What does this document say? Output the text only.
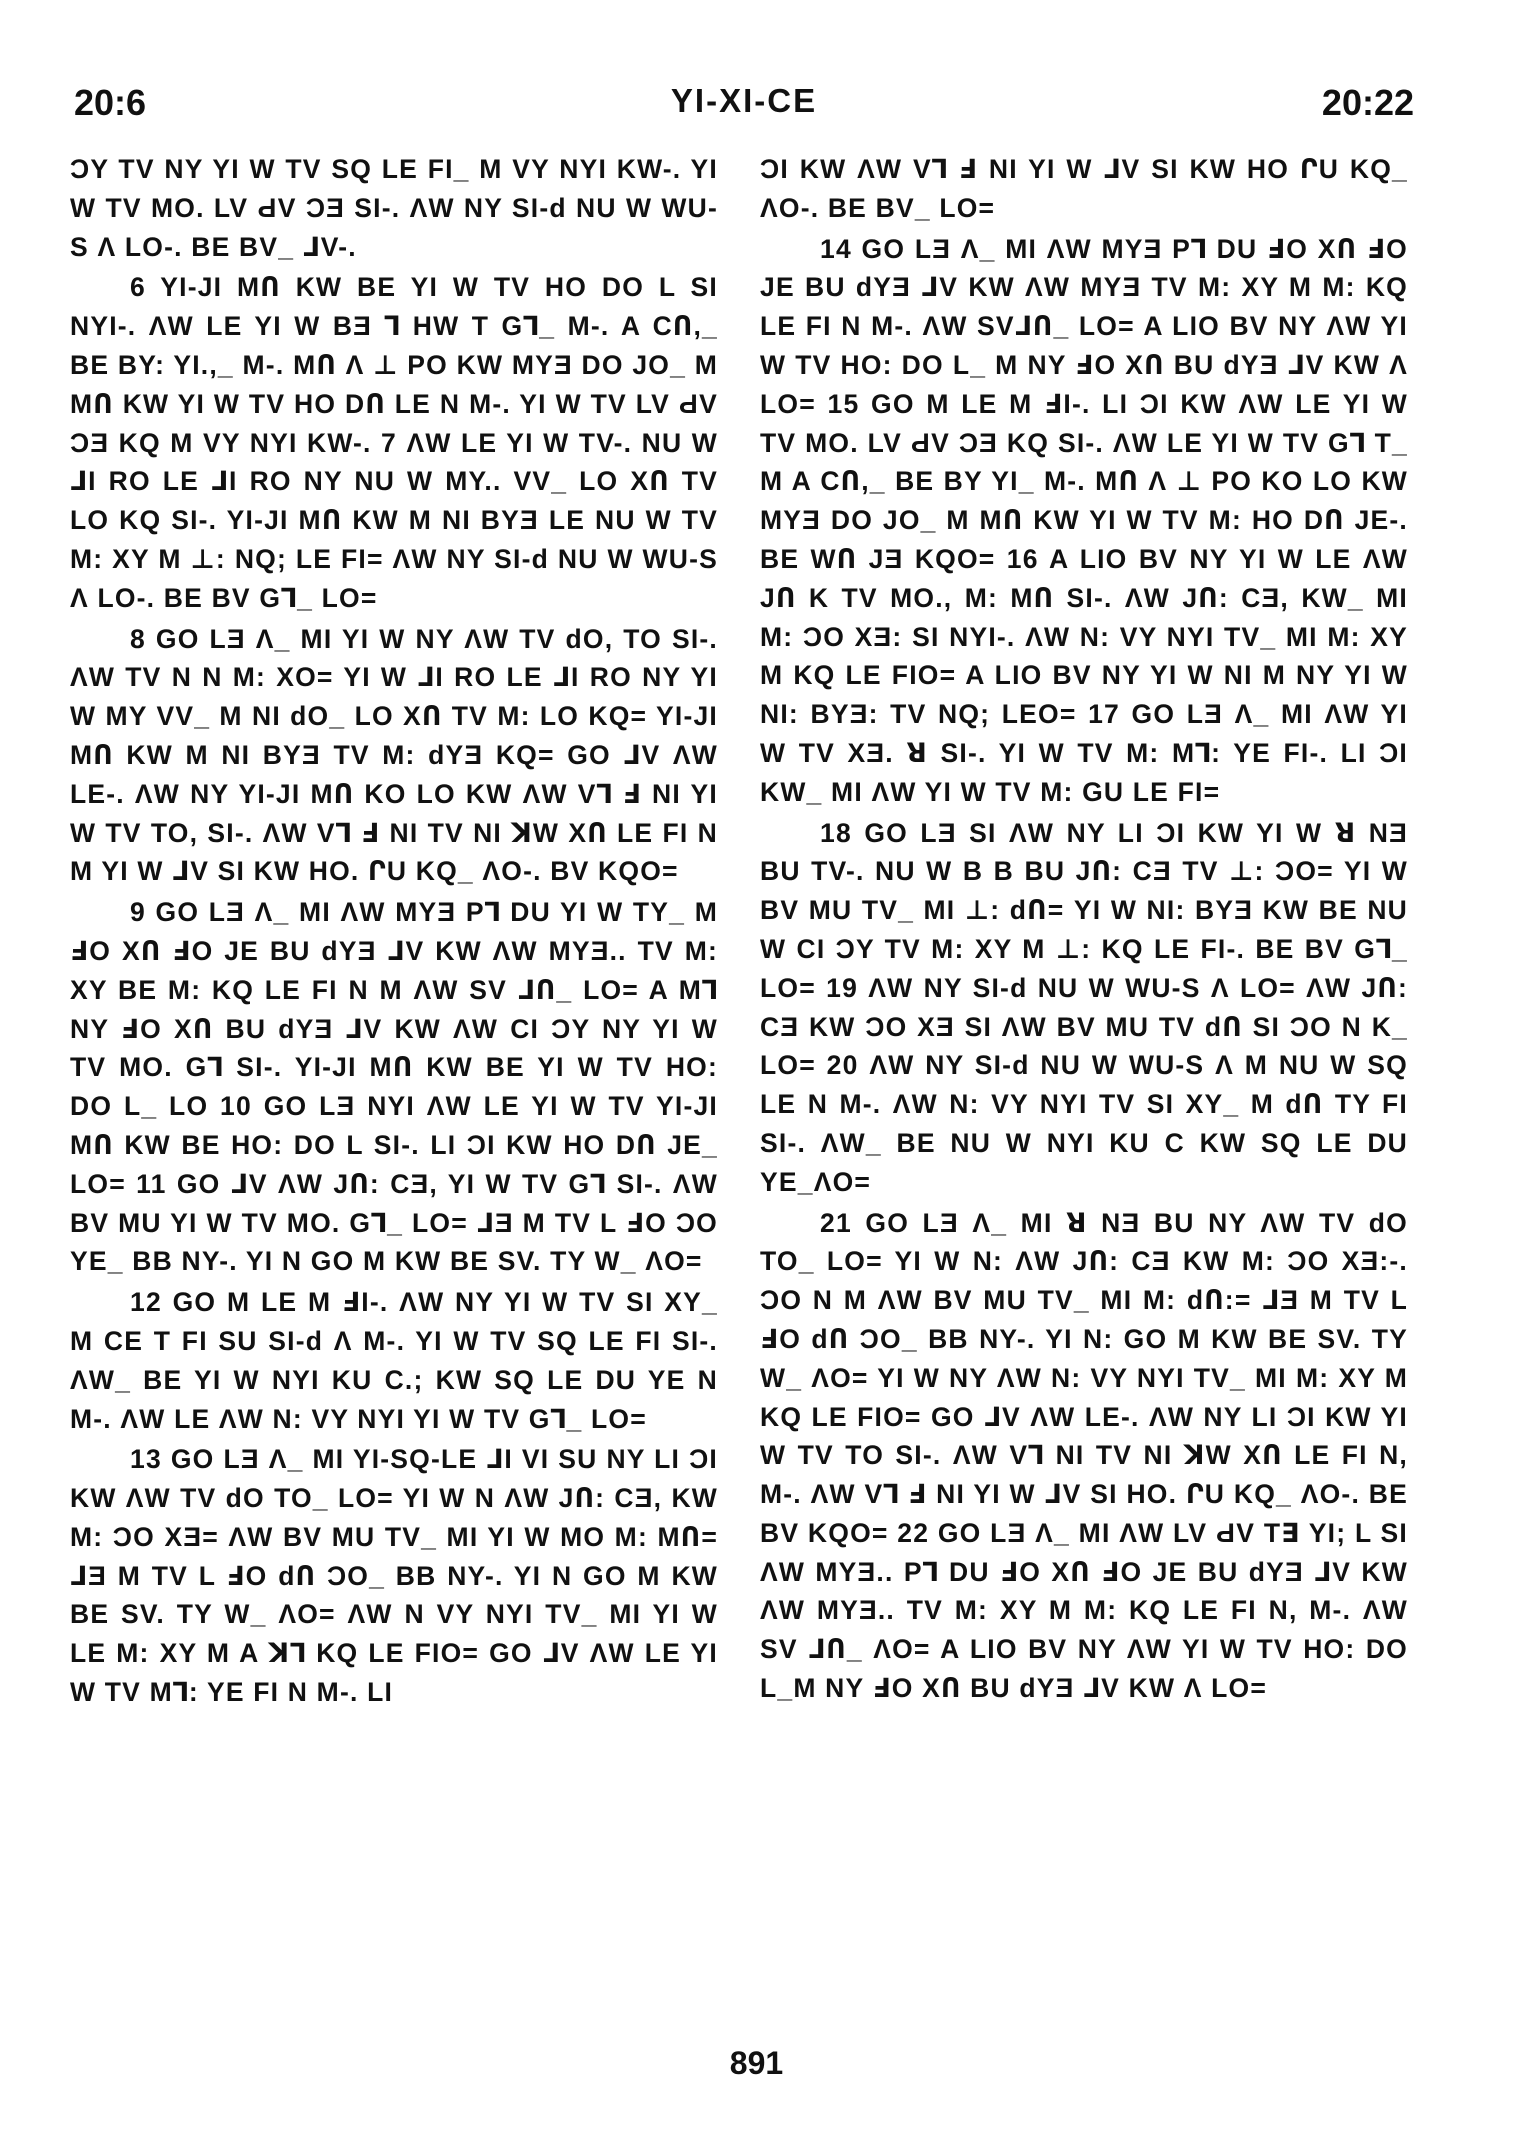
20:6	YI-XI-CE	20:22

ƆY TV NY YI W TV SQ LE FI_ M VY NYI KW-. YI W TV MO. LV ԀV ƆƎ SI-. ΛW NY SI-ԁ NU W WU-S Λ LO-. BE BV_ ⅃V-.

6 YI-JI MՈ KW BE YI W TV HO DO L SI NYI-. ΛW LE YI W BƎ ꓶ HW T G⅂_ M-. A CՈ,_ BE BY: YI.,_ M-. MՈ Λ ⊥ PO KW MYƎ DO JO_ M MՈ KW YI W TV HO DՈ LE N M-. YI W TV LV ԀV ƆƎ KQ M VY NYI KW-. 7 ΛW LE YI W TV-. NU W ⅃I RO LE ⅃I RO NY NU W MY.. VV_ LO XՈ TV LO KQ SI-. YI-JI MՈ KW M NI BYƎ LE NU W TV M: XY M ⊥: NQ; LE FI= ΛW NY SI-ԁ NU W WU-S Λ LO-. BE BV G⅂_ LO=

8 GO LƎ Λ_ MI YI W NY ΛW TV ԁO, TO SI-. ΛW TV N N M: XO= YI W ⅃I RO LE ⅃I RO NY YI W MY VV_ M NI ԁO_ LO XՈ TV M: LO KQ= YI-JI MՈ KW M NI BYƎ TV M: ԁYƎ KQ= GO ⅃V ΛW LE-. ΛW NY YI-JI MՈ KO LO KW ΛW V⅂ Ⅎ NI YI W TV TO, SI-. ΛW V⅂ Ⅎ NI TV NI ꓘW XՈ LE FI N M YI W ⅃V SI KW HO. ՐU KQ_ ΛO-. BV KQO=

9 GO LƎ Λ_ MI ΛW MYƎ P⅂ DU YI W TY_ M ℲO XՈ ℲO JE BU ԁYƎ ⅃V KW ΛW MYƎ.. TV M: XY BE M: KQ LE FI N M ΛW SV ⅃Ո_ LO= A M⅂ NY ℲO XՈ BU ԁYƎ ⅃V KW ΛW CI ƆY NY YI W TV MO. G⅂ SI-. YI-JI MՈ KW BE YI W TV HO: DO L_ LO 10 GO LƎ NYI ΛW LE YI W TV YI-JI MՈ KW BE HO: DO L SI-. LI ƆI KW HO DՈ JE_ LO= 11 GO ⅃V ΛW JՈ: CƎ, YI W TV G⅂ SI-. ΛW BV MU YI W TV MO. G⅂_ LO= ⅃Ǝ M TV L ℲO ƆO YE_ BB NY-. YI N GO M KW BE SV. TY W_ ΛO=

12 GO M LE M ℲI-. ΛW NY YI W TV SI XY_ M CE T FI SU SI-ԁ Λ M-. YI W TV SQ LE FI SI-. ΛW_ BE YI W NYI KU C.; KW SQ LE DU YE N M-. ΛW LE ΛW N: VY NYI YI W TV G⅂_ LO=

13 GO LƎ Λ_ MI YI-SQ-LE ⅃I VI SU NY LI ƆI KW ΛW TV ԁO TO_ LO= YI W N ΛW JՈ: CƎ, KW M: ƆO XƎ= ΛW BV MU TV_ MI YI W MO M: MՈ= ⅃Ǝ M TV L ℲO ԁՈ ƆO_ BB NY-. YI N GO M KW BE SV. TY W_ ΛO= ΛW N VY NYI TV_ MI YI W LE M: XY M A ꓘ⅂ KQ LE FIO= GO ⅃V ΛW LE YI W TV M⅂: YE FI N M-. LI

ƆI KW ΛW V⅂ Ⅎ NI YI W ⅃V SI KW HO ՐU KQ_ ΛO-. BE BV_ LO=

14 GO LƎ Λ_ MI ΛW MYƎ P⅂ DU ℲO XՈ ℲO JE BU ԁYƎ ⅃V KW ΛW MYƎ TV M: XY M M: KQ LE FI N M-. ΛW SV⅃Ո_ LO= A LIO BV NY ΛW YI W TV HO: DO L_ M NY ℲO XՈ BU ԁYƎ ⅃V KW Λ LO= 15 GO M LE M ℲI-. LI ƆI KW ΛW LE YI W TV MO. LV ԀV ƆƎ KQ SI-. ΛW LE YI W TV G⅂ T_ M A CՈ,_ BE BY YI_ M-. MՈ Λ ⊥ PO KO LO KW MYƎ DO JO_ M MՈ KW YI W TV M: HO DՈ JE-. BE WՈ JƎ KQO= 16 A LIO BV NY YI W LE ΛW JՈ K TV MO., M: MՈ SI-. ΛW JՈ: CƎ, KW_ MI M: ƆO XƎ: SI NYI-. ΛW N: VY NYI TV_ MI M: XY M KQ LE FIO= A LIO BV NY YI W NI M NY YI W NI: BYƎ: TV NQ; LEO= 17 GO LƎ Λ_ MI ΛW YI W TV XƎ. ꓤ SI-. YI W TV M: M⅂: YE FI-. LI ƆI KW_ MI ΛW YI W TV M: GU LE FI=

18 GO LƎ SI ΛW NY LI ƆI KW YI W ꓤ NƎ BU TV-. NU W B B BU JՈ: CƎ TV ⊥: ƆO= YI W BV MU TV_ MI ⊥: ԁՈ= YI W NI: BYƎ KW BE NU W CI ƆY TV M: XY M ⊥: KQ LE FI-. BE BV G⅂_ LO= 19 ΛW NY SI-ԁ NU W WU-S Λ LO= ΛW JՈ: CƎ KW ƆO XƎ SI ΛW BV MU TV ԁՈ SI ƆO N K_ LO= 20 ΛW NY SI-ԁ NU W WU-S Λ M NU W SQ LE N M-. ΛW N: VY NYI TV SI XY_ M ԁՈ TY FI SI-. ΛW_ BE NU W NYI KU C KW SQ LE DU YE_ΛO=

21 GO LƎ Λ_ MI ꓤ NƎ BU NY ΛW TV ԁO TO_ LO= YI W N: ΛW JՈ: CƎ KW M: ƆO XƎ:-. ƆO N M ΛW BV MU TV_ MI M: ԁՈ:= ⅃Ǝ M TV L ℲO ԁՈ ƆO_ BB NY-. YI N: GO M KW BE SV. TY W_ ΛO= YI W NY ΛW N: VY NYI TV_ MI M: XY M KQ LE FIO= GO ⅃V ΛW LE-. ΛW NY LI ƆI KW YI W TV TO SI-. ΛW V⅂ NI TV NI ꓘW XՈ LE FI N, M-. ΛW V⅂ Ⅎ NI YI W ⅃V SI HO. ՐU KQ_ ΛO-. BE BV KQO= 22 GO LƎ Λ_ MI ΛW LV ԀV T∃ YI; L SI ΛW MYƎ.. P⅂ DU ℲO XՈ ℲO JE BU ԁYƎ ⅃V KW ΛW MYƎ.. TV M: XY M M: KQ LE FI N, M-. ΛW SV ⅃Ո_ ΛO= A LIO BV NY ΛW YI W TV HO: DO L_M NY ℲO XՈ BU ԁYƎ ⅃V KW Λ LO=

891
